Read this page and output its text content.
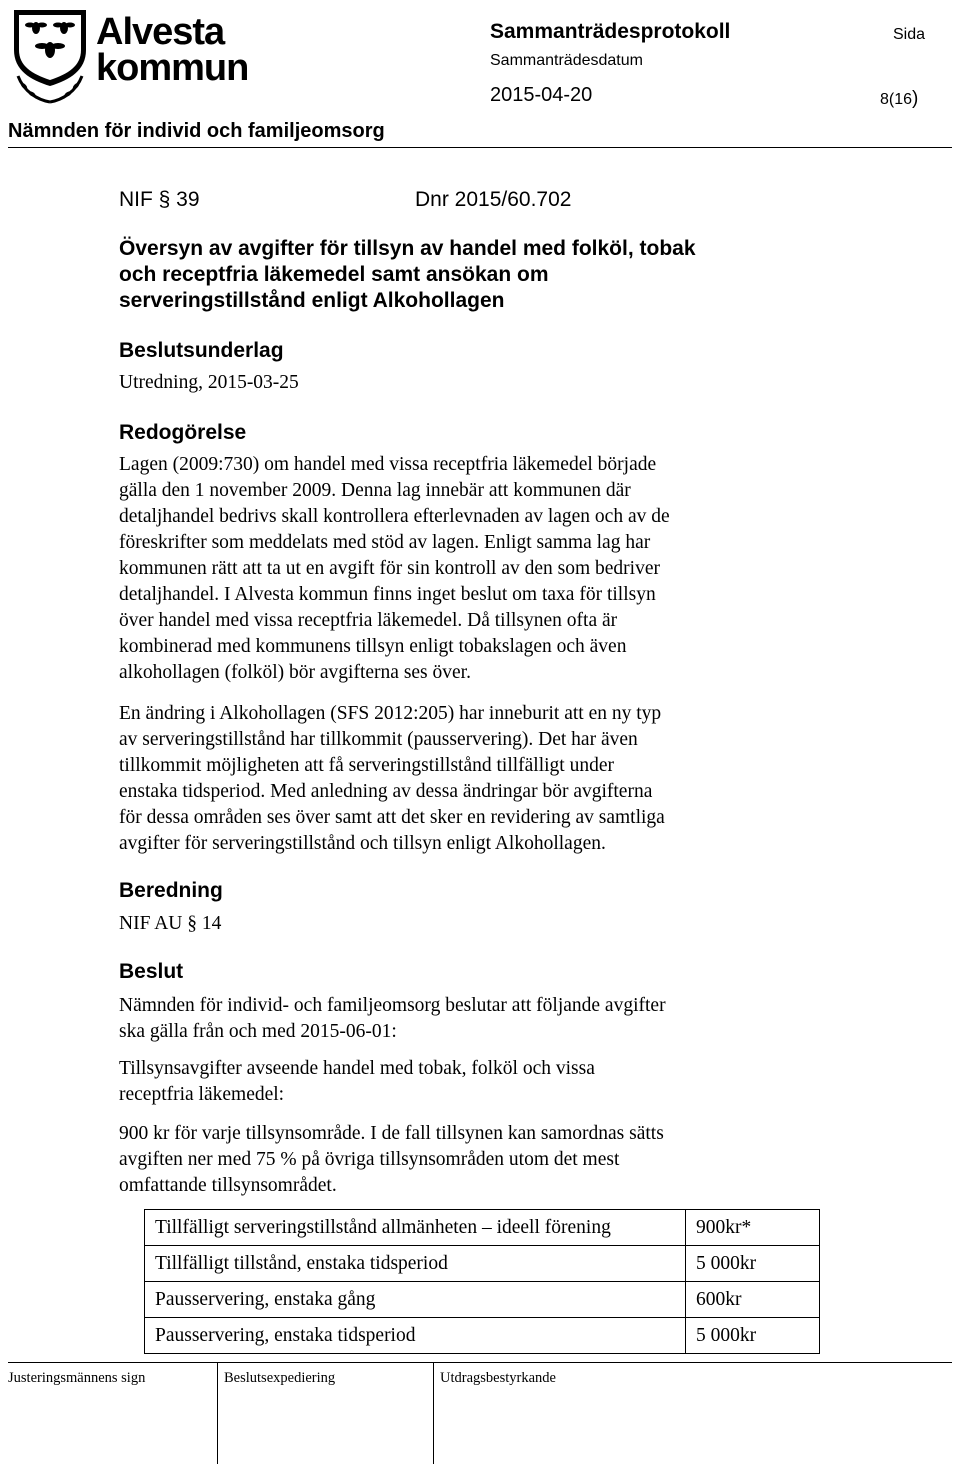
Alvesta
kommun
Sammanträdesprotokoll
Sammanträdesdatum
Sida
2015-04-20	8(16)
Nämnden för individ och familjeomsorg
NIF § 39	Dnr 2015/60.702
Översyn av avgifter för tillsyn av handel med folköl, tobak
och receptfria läkemedel samt ansökan om
serveringstillstånd enligt Alkohollagen
Beslutsunderlag
Utredning, 2015-03-25
Redogörelse
Lagen (2009:730) om handel med vissa receptfria läkemedel började
gälla den 1 november 2009. Denna lag innebär att kommunen där
detaljhandel bedrivs skall kontrollera efterlevnaden av lagen och av de
föreskrifter som meddelats med stöd av lagen. Enligt samma lag har
kommunen rätt att ta ut en avgift för sin kontroll av den som bedriver
detaljhandel. I Alvesta kommun finns inget beslut om taxa för tillsyn
över handel med vissa receptfria läkemedel. Då tillsynen ofta är
kombinerad med kommunens tillsyn enligt tobakslagen och även
alkohollagen (folköl) bör avgifterna ses över.
En ändring i Alkohollagen (SFS 2012:205) har inneburit att en ny typ
av serveringstillstånd har tillkommit (pausservering). Det har även
tillkommit möjligheten att få serveringstillstånd tillfälligt under
enstaka tidsperiod. Med anledning av dessa ändringar bör avgifterna
för dessa områden ses över samt att det sker en revidering av samtliga
avgifter för serveringstillstånd och tillsyn enligt Alkohollagen.
Beredning
NIF AU § 14
Beslut
Nämnden för individ- och familjeomsorg beslutar att följande avgifter
ska gälla från och med 2015-06-01:
Tillsynsavgifter avseende handel med tobak, folköl och vissa
receptfria läkemedel:
900 kr för varje tillsynsområde. I de fall tillsynen kan samordnas sätts
avgiften ner med 75 % på övriga tillsynsområden utom det mest
omfattande tillsynsområdet.
Tillfälligt serveringstillstånd allmänheten – ideell förening	900kr*
Tillfälligt tillstånd, enstaka tidsperiod	5 000kr
Pausservering, enstaka gång	600kr
Pausservering, enstaka tidsperiod	5 000kr
Justeringsmännens sign	Beslutsexpediering	Utdragsbestyrkande
